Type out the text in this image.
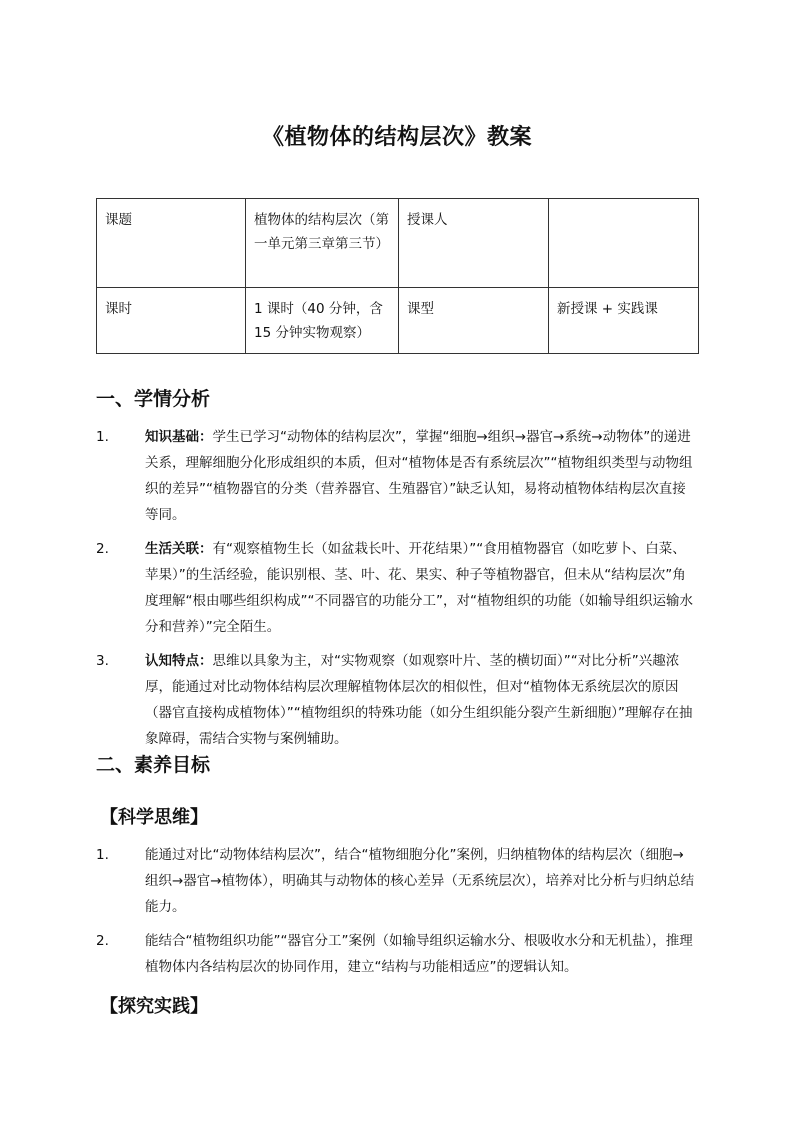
《植物体的结构层次》教案
课题	植物体的结构层次（第一单元第三章第三节）	授课人	
课时	1 课时（40 分钟，含 15 分钟实物观察）	课型	新授课 + 实践课
一、学情分析
1.	知识基础：学生已学习“动物体的结构层次”，掌握“细胞→组织→器官→系统→动物体”的递进关系，理解细胞分化形成组织的本质，但对“植物体是否有系统层次”“植物组织类型与动物组织的差异”“植物器官的分类（营养器官、生殖器官）”缺乏认知，易将动植物体结构层次直接等同。
2.	生活关联：有“观察植物生长（如盆栽长叶、开花结果）”“食用植物器官（如吃萝卜、白菜、苹果）”的生活经验，能识别根、茎、叶、花、果实、种子等植物器官，但未从“结构层次”角度理解“根由哪些组织构成”“不同器官的功能分工”，对“植物组织的功能（如输导组织运输水分和营养）”完全陌生。
3.	认知特点：思维以具象为主，对“实物观察（如观察叶片、茎的横切面）”“对比分析”兴趣浓厚，能通过对比动物体结构层次理解植物体层次的相似性，但对“植物体无系统层次的原因（器官直接构成植物体）”“植物组织的特殊功能（如分生组织能分裂产生新细胞）”理解存在抽象障碍，需结合实物与案例辅助。
二、素养目标
【科学思维】
1.	能通过对比“动物体结构层次”，结合“植物细胞分化”案例，归纳植物体的结构层次（细胞→组织→器官→植物体），明确其与动物体的核心差异（无系统层次），培养对比分析与归纳总结能力。
2.	能结合“植物组织功能”“器官分工”案例（如输导组织运输水分、根吸收水分和无机盐），推理植物体内各结构层次的协同作用，建立“结构与功能相适应”的逻辑认知。
【探究实践】
